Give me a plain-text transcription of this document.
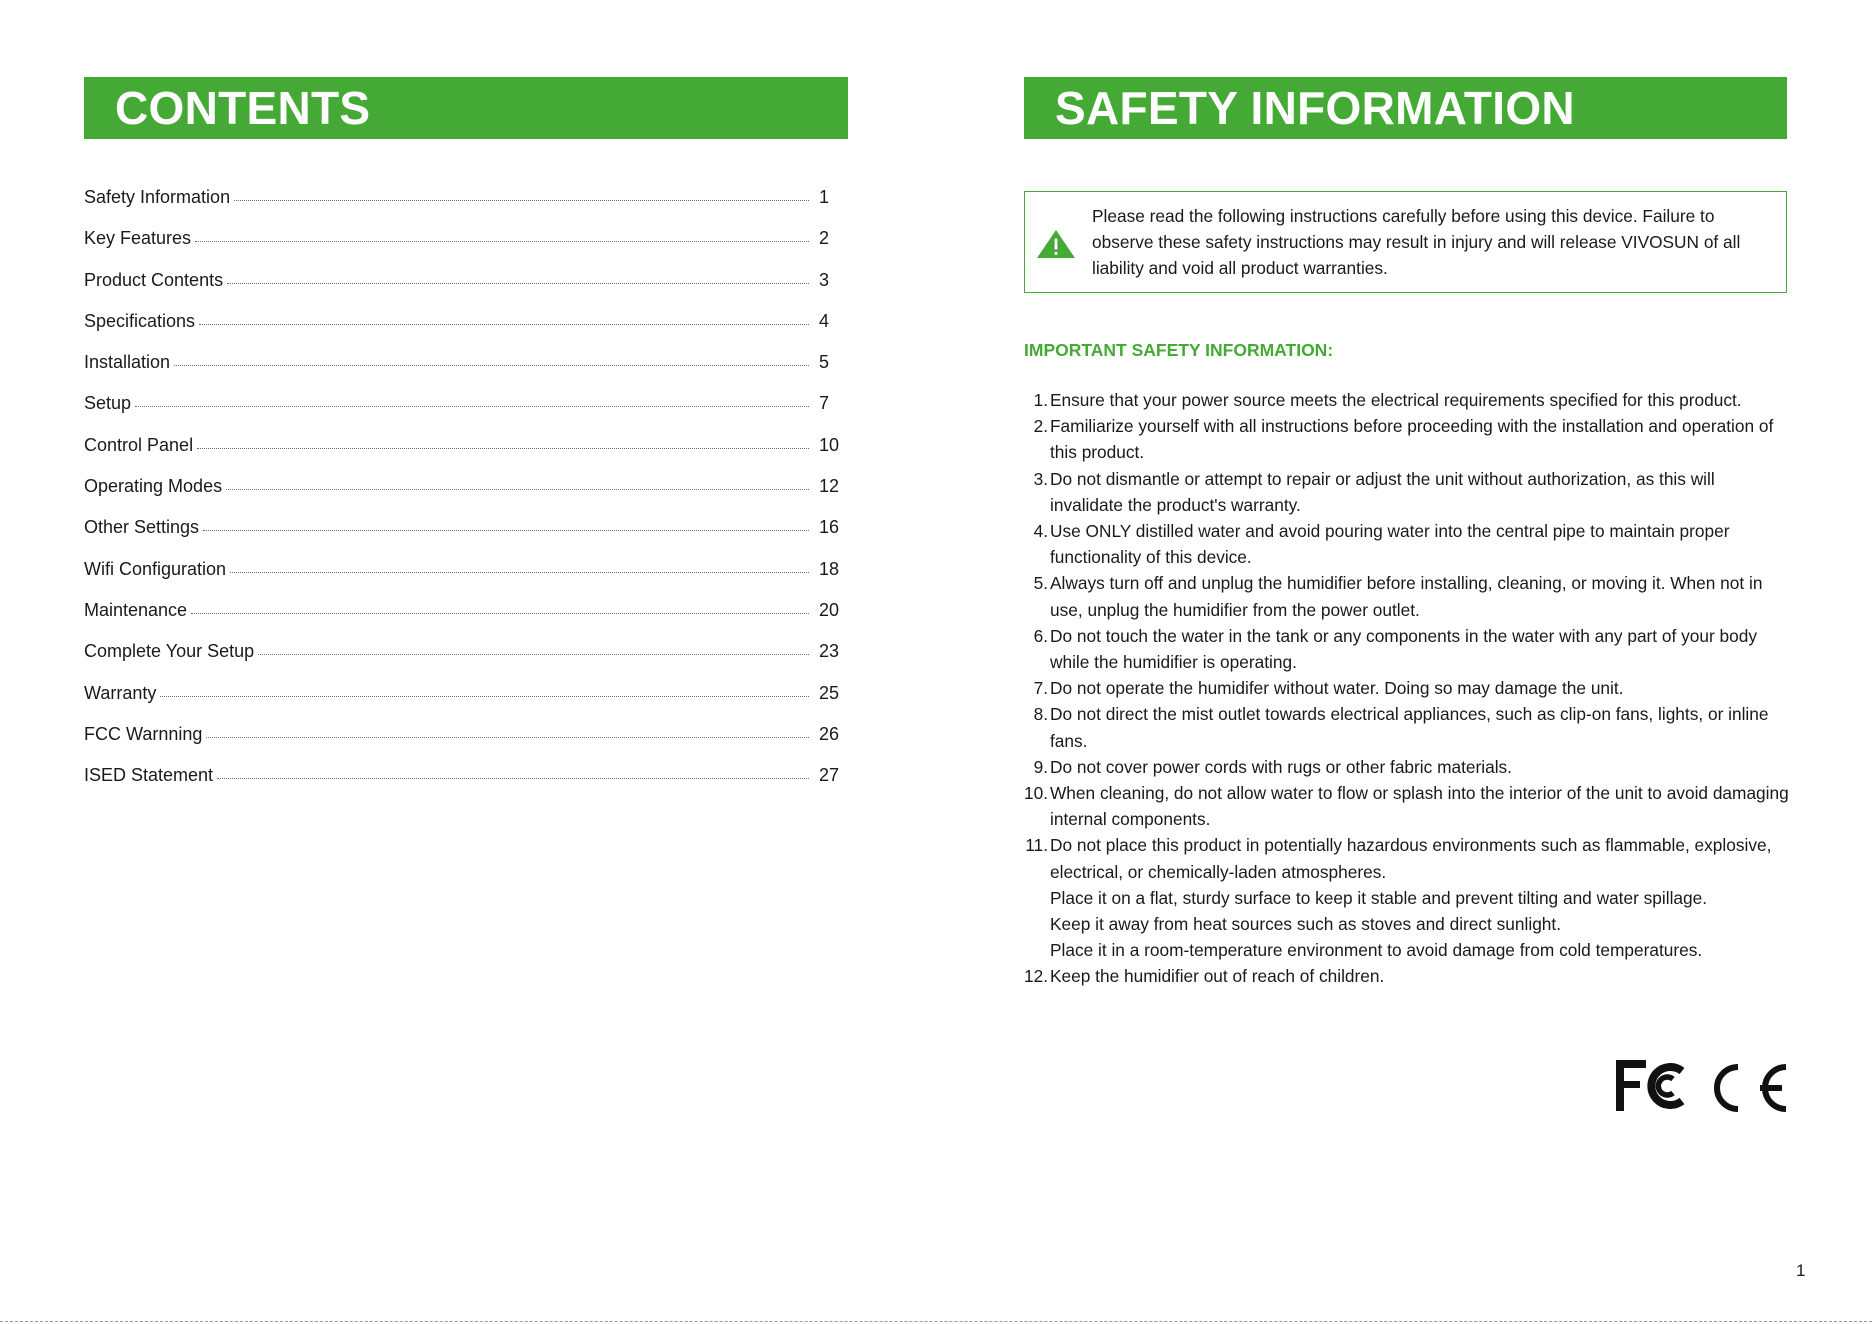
CONTENTS
Safety Information	1
Key Features	2
Product Contents	3
Specifications	4
Installation	5
Setup	7
Control Panel	10
Operating Modes	12
Other Settings	16
Wifi Configuration	18
Maintenance	20
Complete Your Setup	23
Warranty	25
FCC Warnning	26
ISED Statement	27
SAFETY INFORMATION
Please read the following instructions carefully before using this device. Failure to observe these safety instructions may result in injury and will release VIVOSUN of all liability and void all product warranties.
IMPORTANT SAFETY INFORMATION:
1. Ensure that your power source meets the electrical requirements specified for this product.
2. Familiarize yourself with all instructions before proceeding with the installation and operation of this product.
3. Do not dismantle or attempt to repair or adjust the unit without authorization, as this will invalidate the product's warranty.
4. Use ONLY distilled water and avoid pouring water into the central pipe to maintain proper functionality of this device.
5. Always turn off and unplug the humidifier before installing, cleaning, or moving it. When not in use, unplug the humidifier from the power outlet.
6. Do not touch the water in the tank or any components in the water with any part of your body while the humidifier is operating.
7. Do not operate the humidifer without water. Doing so may damage the unit.
8. Do not direct the mist outlet towards electrical appliances, such as clip-on fans, lights, or inline fans.
9. Do not cover power cords with rugs or other fabric materials.
10. When cleaning, do not allow water to flow or splash into the interior of the unit to avoid damaging internal components.
11. Do not place this product in potentially hazardous environments such as flammable, explosive, electrical, or chemically-laden atmospheres.
Place it on a flat, sturdy surface to keep it stable and prevent tilting and water spillage.
Keep it away from heat sources such as stoves and direct sunlight.
Place it in a room-temperature environment to avoid damage from cold temperatures.
12. Keep the humidifier out of reach of children.
1
